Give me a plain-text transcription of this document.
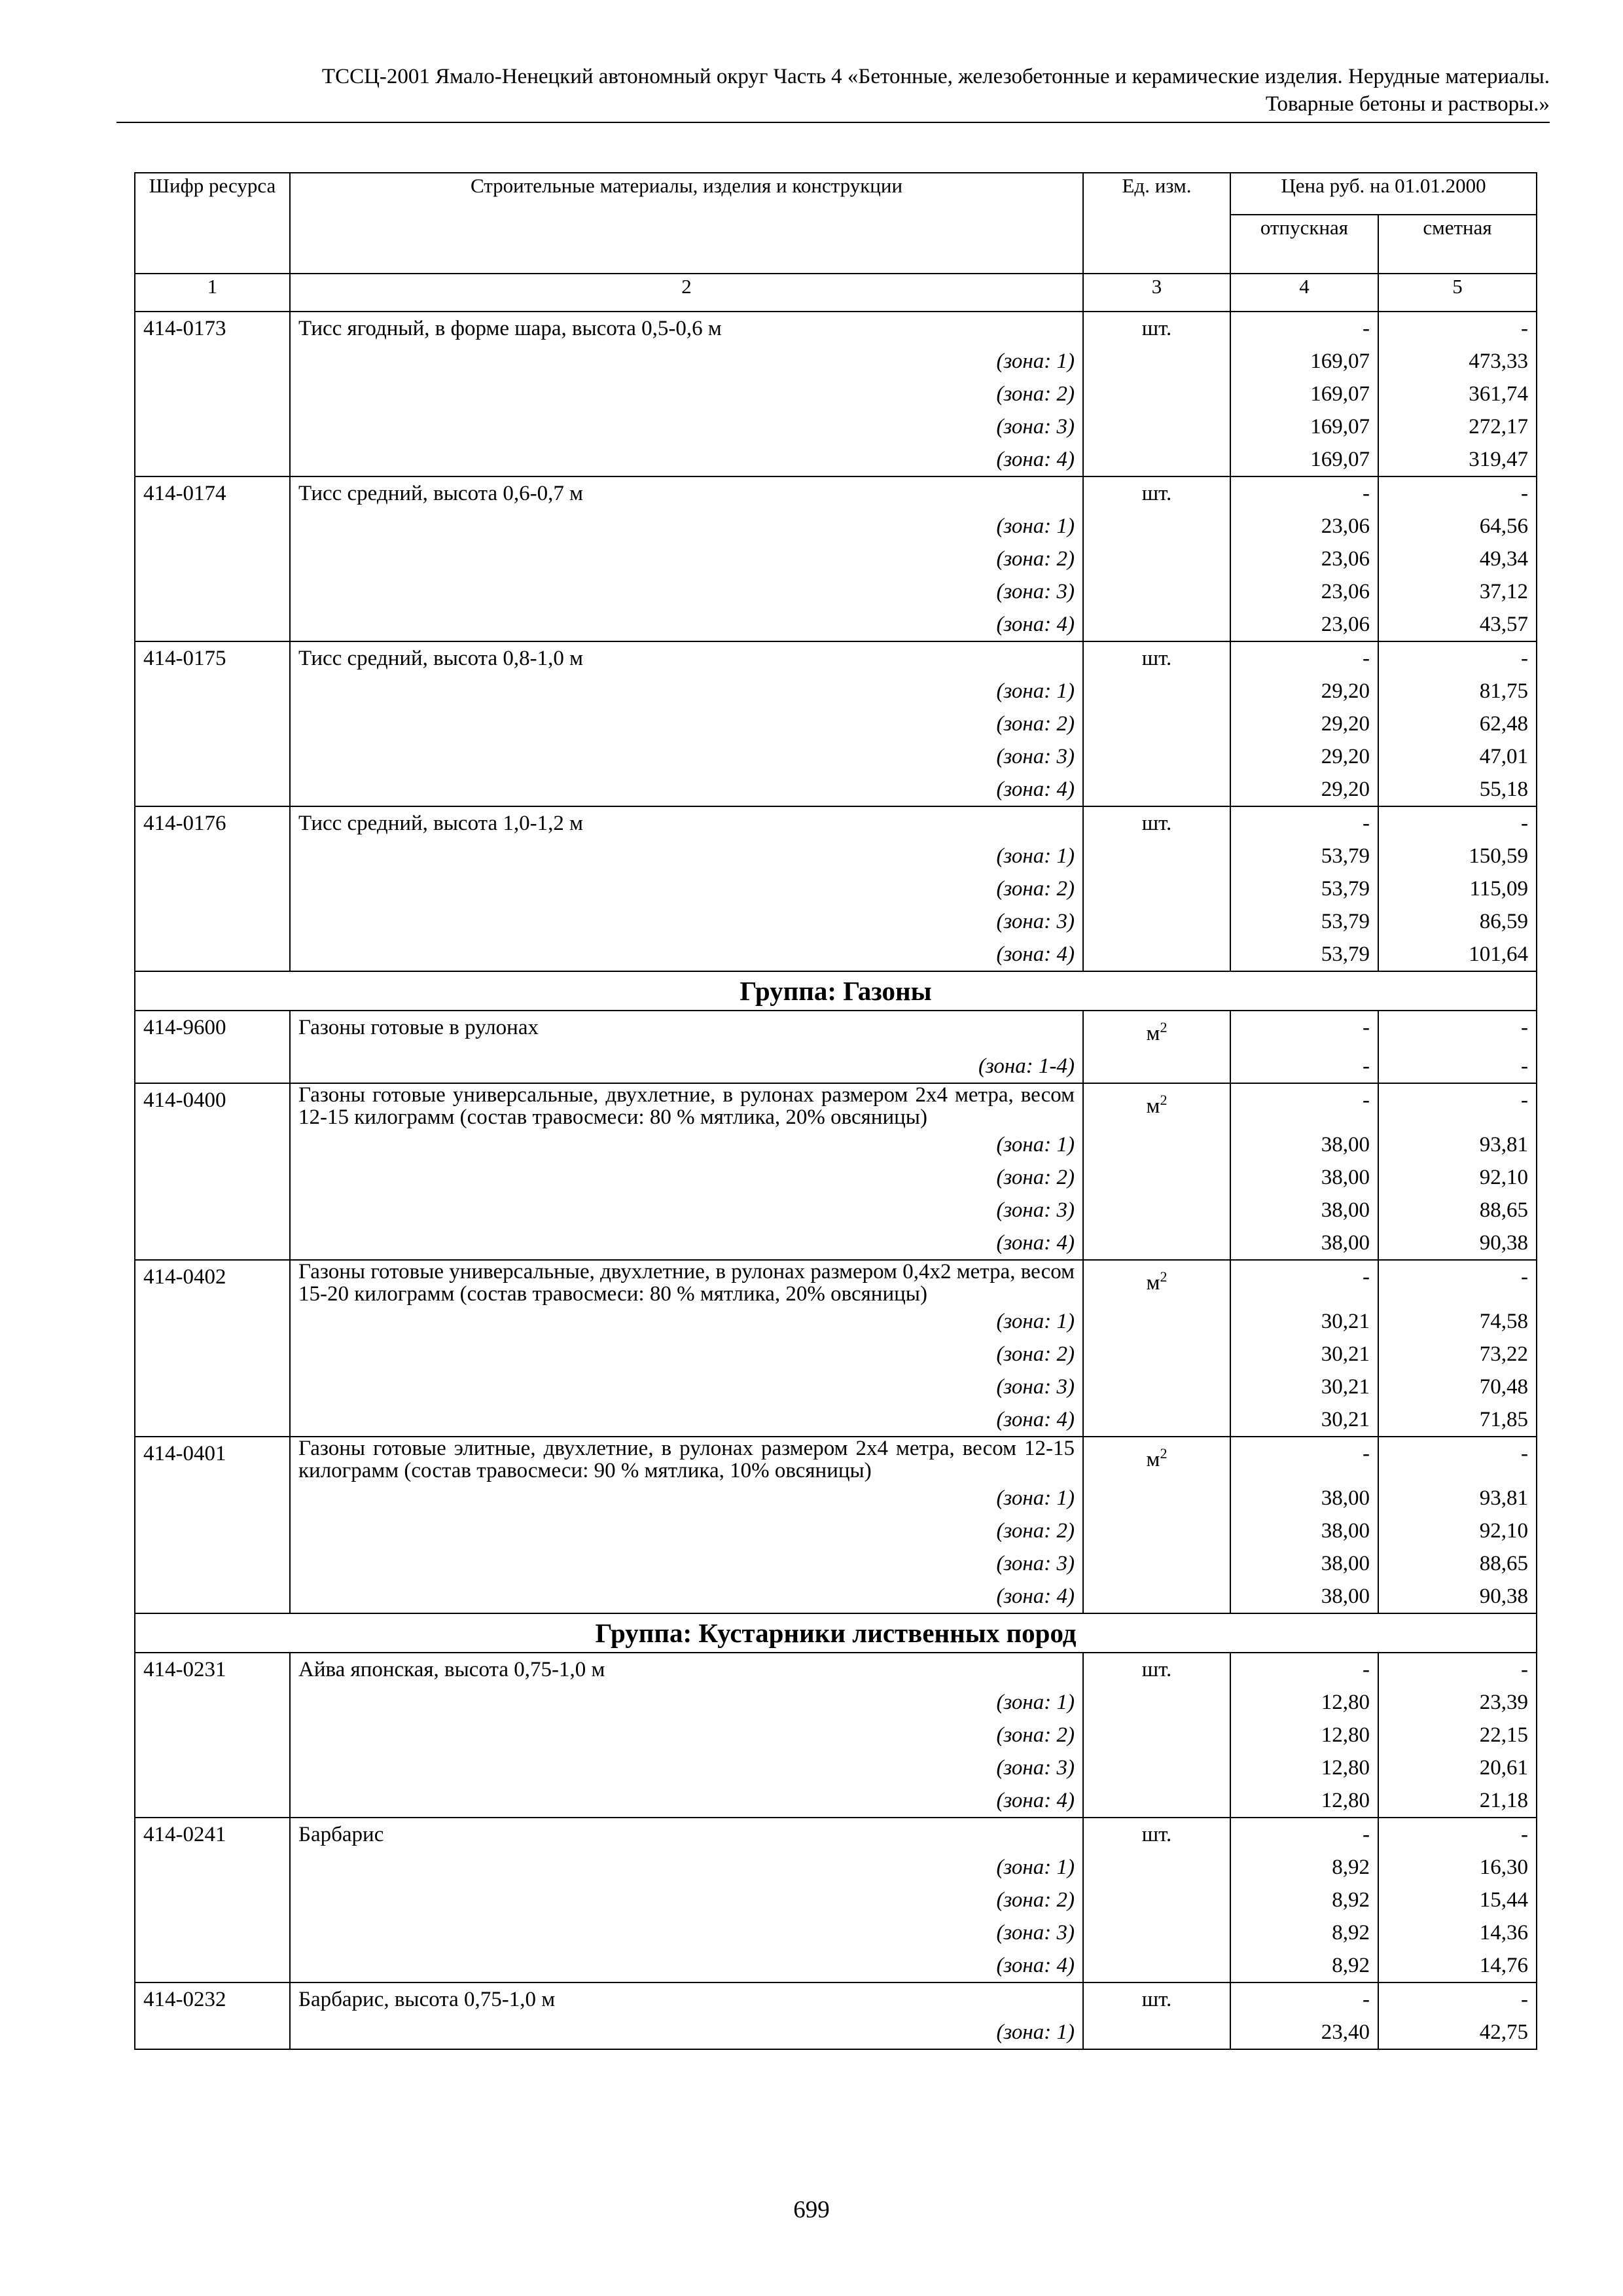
ТССЦ-2001 Ямало-Ненецкий автономный округ Часть 4 «Бетонные, железобетонные и керамические изделия. Нерудные материалы.
Товарные бетоны и растворы.»
Шифр ресурса	Строительные материалы, изделия и конструкции	Ед. изм.	Цена руб. на 01.01.2000	
			отпускная	сметная
1	2	3	4	5
414-0173	Тисс ягодный, в форме шара, высота 0,5-0,6 м	шт.	-	-
	(зона: 1)		169,07	473,33
	(зона: 2)		169,07	361,74
	(зона: 3)		169,07	272,17
	(зона: 4)		169,07	319,47
414-0174	Тисс средний, высота 0,6-0,7 м	шт.	-	-
	(зона: 1)		23,06	64,56
	(зона: 2)		23,06	49,34
	(зона: 3)		23,06	37,12
	(зона: 4)		23,06	43,57
414-0175	Тисс средний, высота 0,8-1,0 м	шт.	-	-
	(зона: 1)		29,20	81,75
	(зона: 2)		29,20	62,48
	(зона: 3)		29,20	47,01
	(зона: 4)		29,20	55,18
414-0176	Тисс средний, высота 1,0-1,2 м	шт.	-	-
	(зона: 1)		53,79	150,59
	(зона: 2)		53,79	115,09
	(зона: 3)		53,79	86,59
	(зона: 4)		53,79	101,64
Группа: Газоны				
414-9600	Газоны готовые в рулонах	$м^2$	-	-
	(зона: 1-4)		-	-
414-0400	Газоны готовые универсальные, двухлетние, в рулонах размером 2х4 метра, весом 12-15 килограмм (состав травосмеси: 80 % мятлика, 20% овсяницы)	$м^2$	-	-
	(зона: 1)		38,00	93,81
	(зона: 2)		38,00	92,10
	(зона: 3)		38,00	88,65
	(зона: 4)		38,00	90,38
414-0402	Газоны готовые универсальные, двухлетние, в рулонах размером 0,4х2 метра, весом 15-20 килограмм (состав травосмеси: 80 % мятлика, 20% овсяницы)	$м^2$	-	-
	(зона: 1)		30,21	74,58
	(зона: 2)		30,21	73,22
	(зона: 3)		30,21	70,48
	(зона: 4)		30,21	71,85
414-0401	Газоны готовые элитные, двухлетние, в рулонах размером 2х4 метра, весом 12-15 килограмм (состав травосмеси: 90 % мятлика, 10% овсяницы)	$м^2$	-	-
	(зона: 1)		38,00	93,81
	(зона: 2)		38,00	92,10
	(зона: 3)		38,00	88,65
	(зона: 4)		38,00	90,38
Группа: Кустарники лиственных пород				
414-0231	Айва японская, высота 0,75-1,0 м	шт.	-	-
	(зона: 1)		12,80	23,39
	(зона: 2)		12,80	22,15
	(зона: 3)		12,80	20,61
	(зона: 4)		12,80	21,18
414-0241	Барбарис	шт.	-	-
	(зона: 1)		8,92	16,30
	(зона: 2)		8,92	15,44
	(зона: 3)		8,92	14,36
	(зона: 4)		8,92	14,76
414-0232	Барбарис, высота 0,75-1,0 м	шт.	-	-
	(зона: 1)		23,40	42,75
699
